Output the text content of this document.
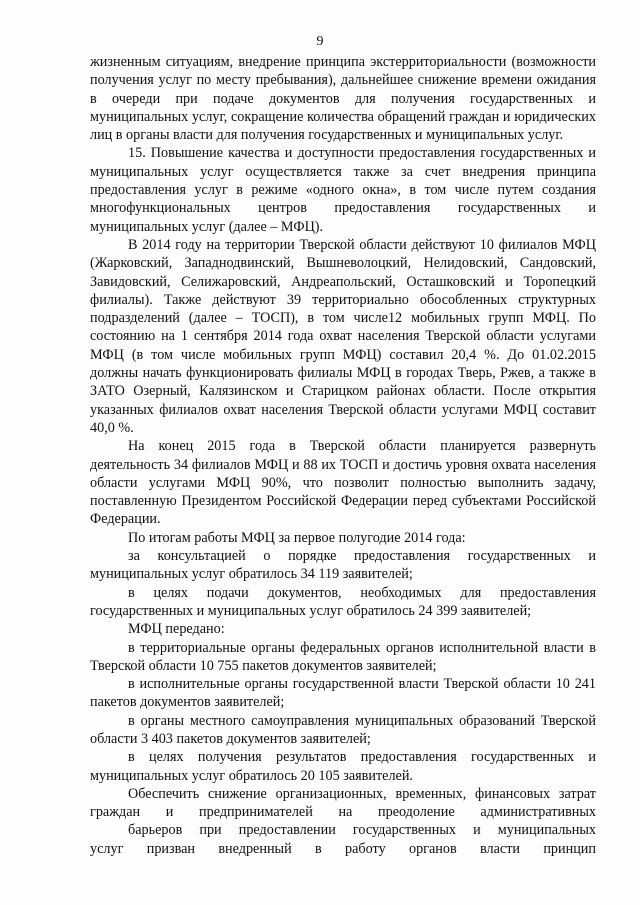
9

жизненным ситуациям, внедрение принципа экстерриториальности (возможности получения услуг по месту пребывания), дальнейшее снижение времени ожидания в очереди при подаче документов для получения государственных и муниципальных услуг, сокращение количества обращений граждан и юридических лиц в органы власти для получения государственных и муниципальных услуг.

15. Повышение качества и доступности предоставления государственных и муниципальных услуг осуществляется также за счет внедрения принципа предоставления услуг в режиме «одного окна», в том числе путем создания многофункциональных центров предоставления государственных и муниципальных услуг (далее – МФЦ).

В 2014 году на территории Тверской области действуют 10 филиалов МФЦ (Жарковский, Западнодвинский, Вышневолоцкий, Нелидовский, Сандовский, Завидовский, Селижаровский, Андреапольский, Осташковский и Торопецкий филиалы). Также действуют 39 территориально обособленных структурных подразделений (далее – ТОСП), в том числе12 мобильных групп МФЦ. По состоянию на 1 сентября 2014 года охват населения Тверской области услугами МФЦ (в том числе мобильных групп МФЦ) составил 20,4 %. До 01.02.2015 должны начать функционировать филиалы МФЦ в городах Тверь, Ржев, а также в ЗАТО Озерный, Калязинском и Старицком районах области. После открытия указанных филиалов охват населения Тверской области услугами МФЦ составит 40,0 %.

На конец 2015 года в Тверской области планируется развернуть деятельность 34 филиалов МФЦ и 88 их ТОСП и достичь уровня охвата населения области услугами МФЦ 90%, что позволит полностью выполнить задачу, поставленную Президентом Российской Федерации перед субъектами Российской Федерации.

По итогам работы МФЦ за первое полугодие 2014 года:

за консультацией о порядке предоставления государственных и муниципальных услуг обратилось 34 119 заявителей;

в целях подачи документов, необходимых для предоставления государственных и муниципальных услуг обратилось 24 399 заявителей;

МФЦ передано:

в территориальные органы федеральных органов исполнительной власти в Тверской области 10 755 пакетов документов заявителей;

в исполнительные органы государственной власти Тверской области 10 241 пакетов документов заявителей;

в органы местного самоуправления муниципальных образований Тверской области 3 403 пакетов документов заявителей;

в целях получения результатов предоставления государственных и муниципальных услуг обратилось 20 105 заявителей.

Обеспечить снижение организационных, временных, финансовых затрат граждан и предпринимателей на преодоление административных

барьеров при предоставлении государственных и муниципальных

услуг призван внедренный в работу органов власти принцип
